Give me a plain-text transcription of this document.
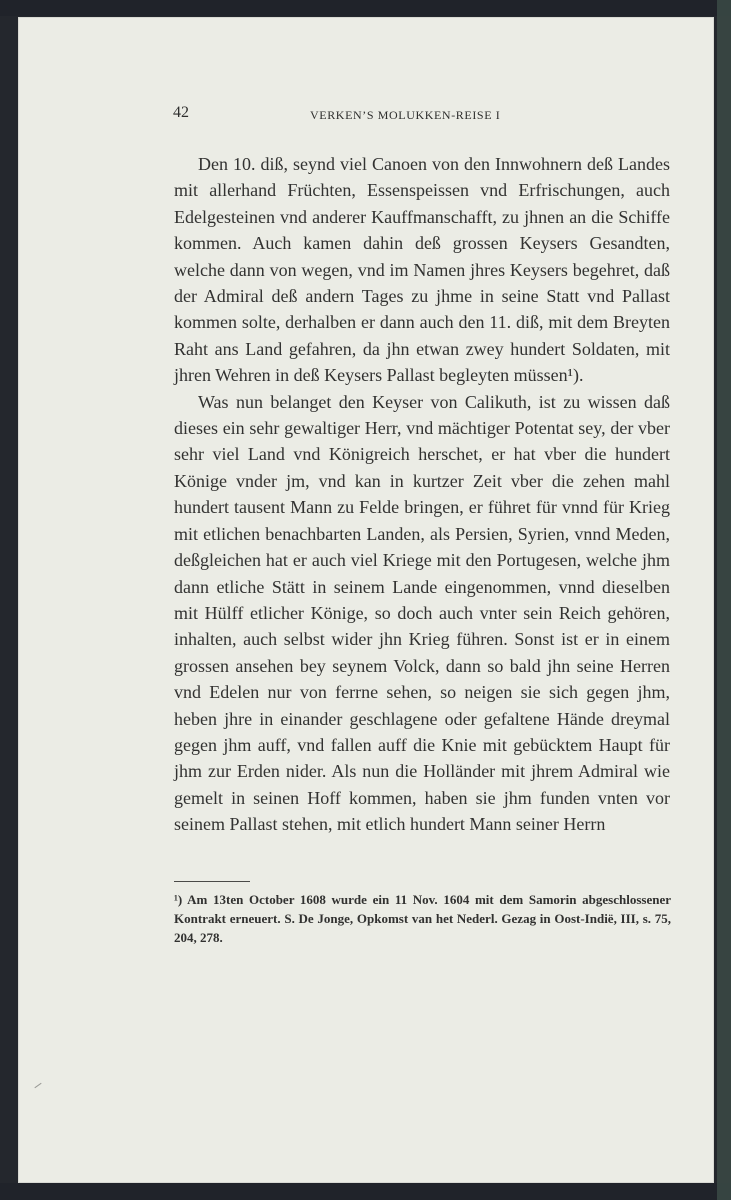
42	VERKEN’S MOLUKKEN-REISE I

Den 10. diß, seynd viel Canoen von den Innwohnern deß Landes mit allerhand Früchten, Essenspeissen vnd Erfrischungen, auch Edelgesteinen vnd anderer Kauffmanschafft, zu jhnen an die Schiffe kommen. Auch kamen dahin deß grossen Keysers Gesandten, welche dann von wegen, vnd im Namen jhres Keysers begehret, daß der Admiral deß andern Tages zu jhme in seine Statt vnd Pallast kommen solte, derhalben er dann auch den 11. diß, mit dem Breyten Raht ans Land gefahren, da jhn etwan zwey hundert Soldaten, mit jhren Wehren in deß Keysers Pallast begleyten müssen¹).

Was nun belanget den Keyser von Calikuth, ist zu wissen daß dieses ein sehr gewaltiger Herr, vnd mächtiger Potentat sey, der vber sehr viel Land vnd Königreich herschet, er hat vber die hundert Könige vnder jm, vnd kan in kurtzer Zeit vber die zehen mahl hundert tausent Mann zu Felde bringen, er führet für vnnd für Krieg mit etlichen benachbarten Landen, als Persien, Syrien, vnnd Meden, deßgleichen hat er auch viel Kriege mit den Portugesen, welche jhm dann etliche Stätt in seinem Lande eingenommen, vnnd dieselben mit Hülff etlicher Könige, so doch auch vnter sein Reich gehören, inhalten, auch selbst wider jhn Krieg führen. Sonst ist er in einem grossen ansehen bey seynem Volck, dann so bald jhn seine Herren vnd Edelen nur von ferrne sehen, so neigen sie sich gegen jhm, heben jhre in einander geschlagene oder gefaltene Hände dreymal gegen jhm auff, vnd fallen auff die Knie mit gebücktem Haupt für jhm zur Erden nider. Als nun die Holländer mit jhrem Admiral wie gemelt in seinen Hoff kommen, haben sie jhm funden vnten vor seinem Pallast stehen, mit etlich hundert Mann seiner Herrn

¹) Am 13ten October 1608 wurde ein 11 Nov. 1604 mit dem Samorin abgeschlossener Kontrakt erneuert. S. De Jonge, Opkomst van het Nederl. Gezag in Oost-Indië, III, s. 75, 204, 278.
